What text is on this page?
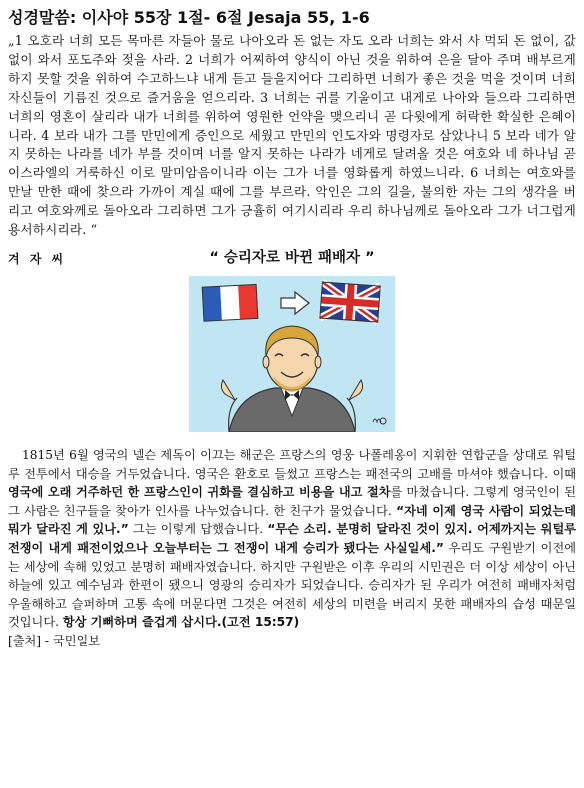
성경말씀: 이사야 55장 1절- 6절 Jesaja 55, 1-6

„1 오호라 너희 모든 목마른 자들아 물로 나아오라 돈 없는 자도 오라 너희는 와서 사 먹되 돈 없이, 값 없이 와서 포도주와 젖을 사라. 2 너희가 어찌하여 양식이 아닌 것을 위하여 은을 달아 주며 배부르게 하지 못할 것을 위하여 수고하느냐 내게 듣고 들을지어다 그리하면 너희가 좋은 것을 먹을 것이며 너희 자신들이 기름진 것으로 즐거움을 얻으리라. 3 너희는 귀를 기울이고 내게로 나아와 들으라 그리하면 너희의 영혼이 살리라 내가 너희를 위하여 영원한 언약을 맺으리니 곧 다윗에게 허락한 확실한 은혜이니라. 4 보라 내가 그를 만민에게 증인으로 세웠고 만민의 인도자와 명령자로 삼았나니 5 보라 네가 알지 못하는 나라를 네가 부를 것이며 너를 알지 못하는 나라가 네게로 달려올 것은 여호와 네 하나님 곧 이스라엘의 거룩하신 이로 말미암음이니라 이는 그가 너를 영화롭게 하였느니라. 6 너희는 여호와를 만날 만한 때에 찾으라 가까이 계실 때에 그를 부르라. 악인은 그의 길을, 불의한 자는 그의 생각을 버리고 여호와께로 돌아오라 그리하면 그가 긍휼히 여기시리라 우리 하나님께로 돌아오라 그가 너그럽게 용서하시리라. “

겨 자 씨	“ 승리자로 바뀐 패배자 ”

1815년 6월 영국의 넬슨 제독이 이끄는 해군은 프랑스의 영웅 나폴레옹이 지휘한 연합군을 상대로 워털루 전투에서 대승을 거두었습니다. 영국은 환호로 들썼고 프랑스는 패전국의 고배를 마셔야 했습니다. 이때 영국에 오래 거주하던 한 프랑스인이 귀화를 결심하고 비용을 내고 절차를 마쳤습니다. 그렇게 영국인이 된 그 사람은 친구들을 찾아가 인사를 나누었습니다. 한 친구가 물었습니다. “자네 이제 영국 사람이 되었는데 뭐가 달라진 게 있나.” 그는 이렇게 답했습니다. “무슨 소리. 분명히 달라진 것이 있지. 어제까지는 워털루 전쟁이 내게 패전이었으나 오늘부터는 그 전쟁이 내게 승리가 됐다는 사실일세.” 우리도 구원받기 이전에는 세상에 속해 있었고 분명히 패배자였습니다. 하지만 구원받은 이후 우리의 시민권은 더 이상 세상이 아닌 하늘에 있고 예수님과 한편이 됐으니 영광의 승리자가 되었습니다. 승리자가 된 우리가 여전히 패배자처럼 우울해하고 슬퍼하며 고통 속에 머문다면 그것은 여전히 세상의 미련을 버리지 못한 패배자의 습성 때문일 것입니다. 항상 기뻐하며 즐겁게 삽시다.(고전 15:57)

[출처] - 국민일보
